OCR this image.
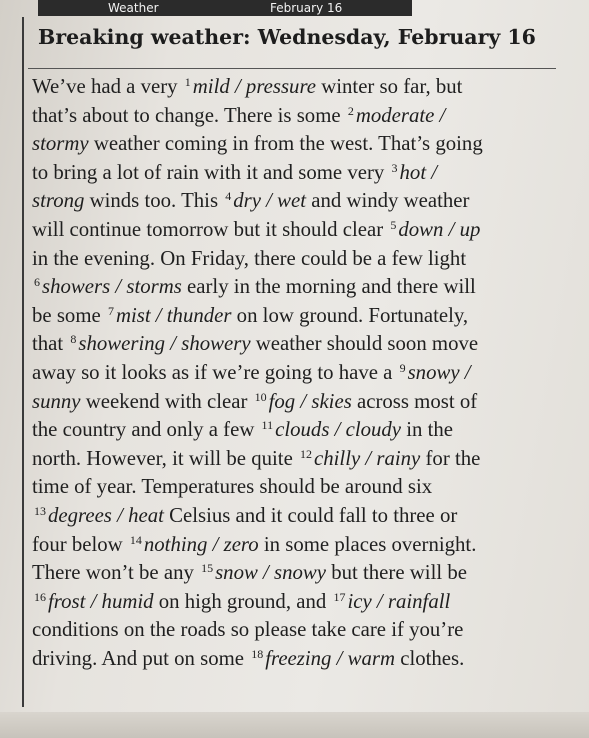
Weather	February 16
Breaking weather: Wednesday, February 16
We’ve had a very $^1$mild / pressure winter so far, but
that’s about to change. There is some $^2$moderate /
stormy weather coming in from the west. That’s going
to bring a lot of rain with it and some very $^3$hot /
strong winds too. This $^4$dry / wet and windy weather
will continue tomorrow but it should clear $^5$down / up
in the evening. On Friday, there could be a few light
$^6$showers / storms early in the morning and there will
be some $^7$mist / thunder on low ground. Fortunately,
that $^8$showering / showery weather should soon move
away so it looks as if we’re going to have a $^9$snowy /
sunny weekend with clear $^{10}$fog / skies across most of
the country and only a few $^{11}$clouds / cloudy in the
north. However, it will be quite $^{12}$chilly / rainy for the
time of year. Temperatures should be around six
$^{13}$degrees / heat Celsius and it could fall to three or
four below $^{14}$nothing / zero in some places overnight.
There won’t be any $^{15}$snow / snowy but there will be
$^{16}$frost / humid on high ground, and $^{17}$icy / rainfall
conditions on the roads so please take care if you’re
driving. And put on some $^{18}$freezing / warm clothes.
